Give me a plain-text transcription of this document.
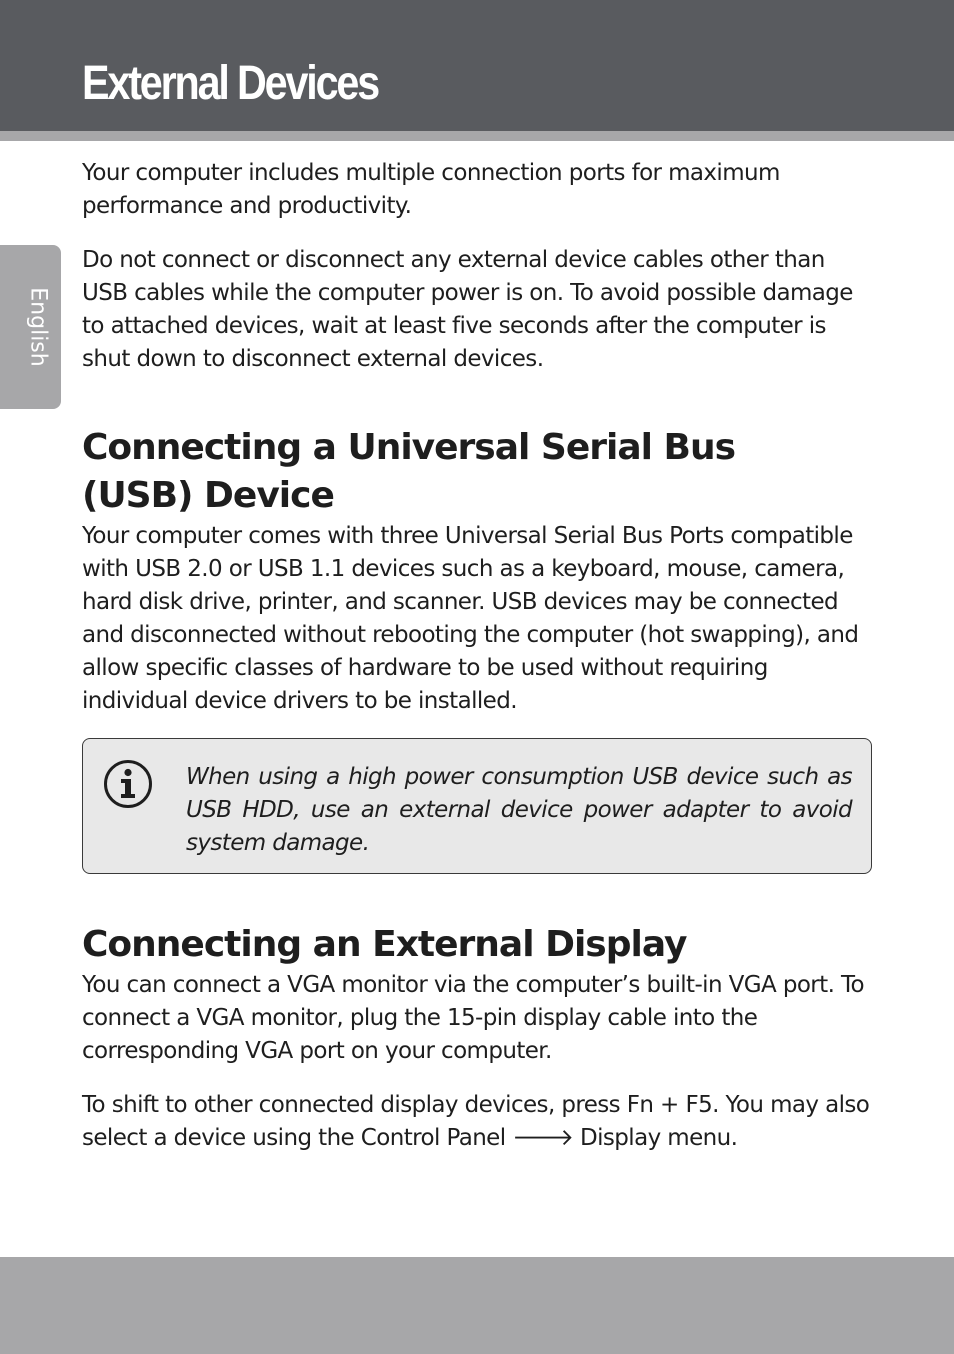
External Devices
English

Your computer includes multiple connection ports for maximum performance and productivity.

Do not connect or disconnect any external device cables other than USB cables while the computer power is on. To avoid possible damage to attached devices, wait at least five seconds after the computer is shut down to disconnect external devices.

Connecting a Universal Serial Bus (USB) Device

Your computer comes with three Universal Serial Bus Ports compatible with USB 2.0 or USB 1.1 devices such as a keyboard, mouse, camera, hard disk drive, printer, and scanner. USB devices may be connected and disconnected without rebooting the computer (hot swapping), and allow specific classes of hardware to be used without requiring individual device drivers to be installed.

When using a high power consumption USB device such as USB HDD, use an external device power adapter to avoid system damage.
Connecting an External Display

You can connect a VGA monitor via the computer’s built-in VGA port. To connect a VGA monitor, plug the 15-pin display cable into the corresponding VGA port on your computer.

To shift to other connected display devices, press Fn + F5. You may also select a device using the Control Panel 🡒 Display menu.
